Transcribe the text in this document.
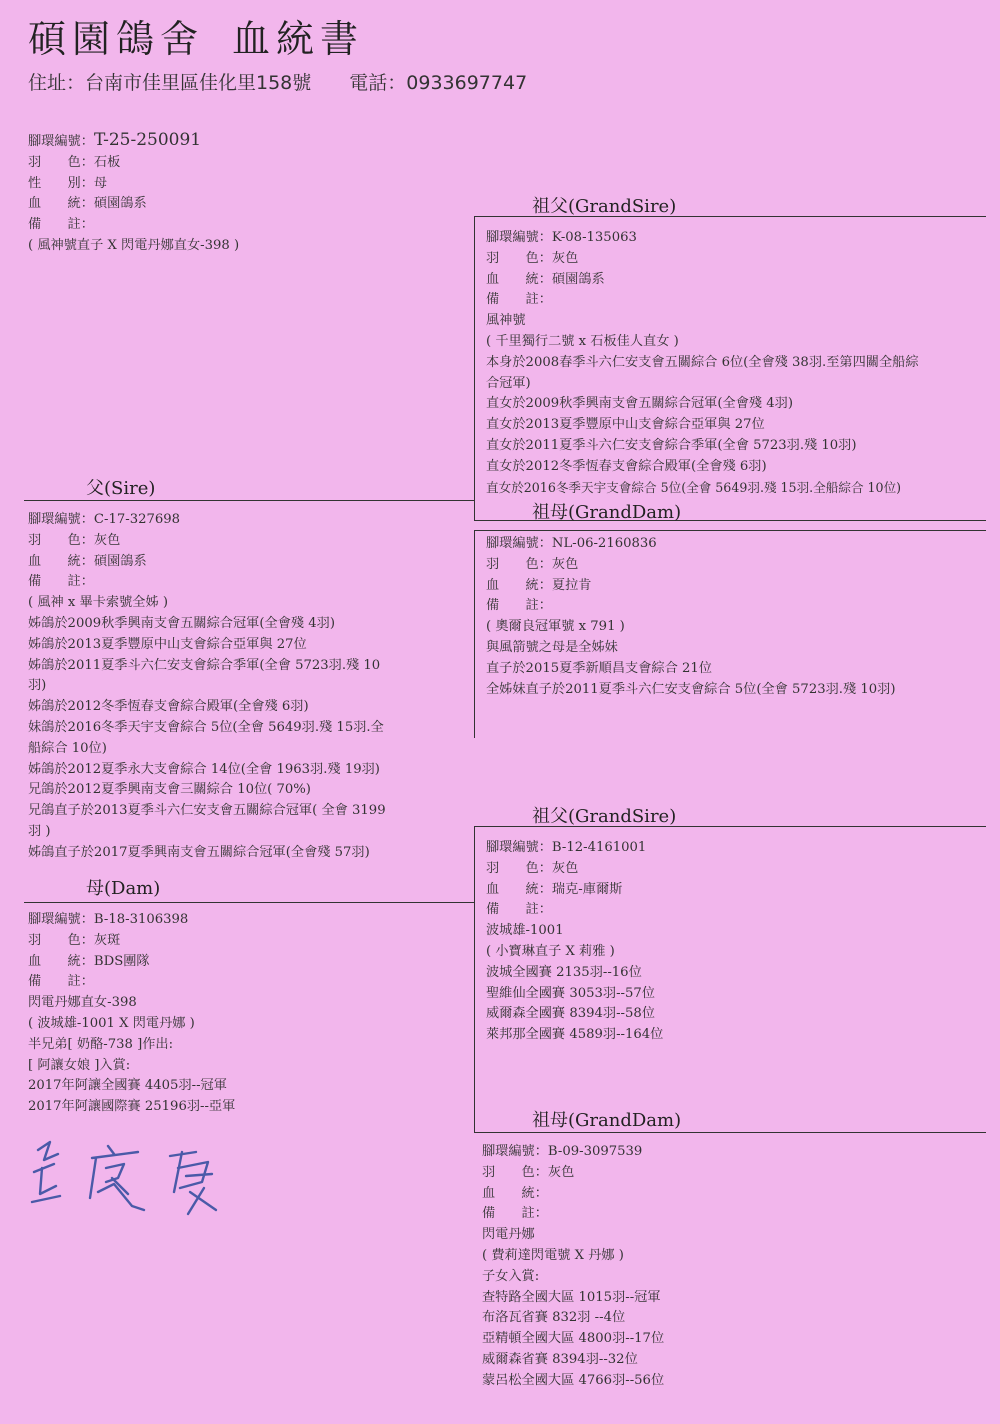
碩園鴿舍 血統書
住址：台南市佳里區佳化里158號 電話：0933697747
腳環編號：T-25-250091
羽　　色：石板
性　　別：母
血　　統：碩園鴿系
備　　註：
( 風神號直子 X 閃電丹娜直女-398 )
父(Sire)
腳環編號：C-17-327698
羽　　色：灰色
血　　統：碩園鴿系
備　　註：
( 風神 x 畢卡索號全姊 )
姊鴿於2009秋季興南支會五關綜合冠軍(全會殘 4羽)
姊鴿於2013夏季豐原中山支會綜合亞軍與 27位
姊鴿於2011夏季斗六仁安支會綜合季軍(全會 5723羽.殘 10
羽)
姊鴿於2012冬季恆春支會綜合殿軍(全會殘 6羽)
妹鴿於2016冬季天宇支會綜合 5位(全會 5649羽.殘 15羽.全
船綜合 10位)
姊鴿於2012夏季永大支會綜合 14位(全會 1963羽.殘 19羽)
兄鴿於2012夏季興南支會三關綜合 10位( 70%)
兄鴿直子於2013夏季斗六仁安支會五關綜合冠軍( 全會 3199
羽 )
姊鴿直子於2017夏季興南支會五關綜合冠軍(全會殘 57羽)
母(Dam)
腳環編號：B-18-3106398
羽　　色：灰斑
血　　統：BDS團隊
備　　註：
閃電丹娜直女-398
( 波城雄-1001 X 閃電丹娜 )
半兄弟[ 奶酪-738 ]作出:
[ 阿讓女娘 ]入賞:
2017年阿讓全國賽 4405羽--冠軍
2017年阿讓國際賽 25196羽--亞軍
祖父(GrandSire)
腳環編號：K-08-135063
羽　　色：灰色
血　　統：碩園鴿系
備　　註：
風神號
( 千里獨行二號 x 石板佳人直女 )
本身於2008春季斗六仁安支會五關綜合 6位(全會殘 38羽.至第四關全船綜
合冠軍)
直女於2009秋季興南支會五關綜合冠軍(全會殘 4羽)
直女於2013夏季豐原中山支會綜合亞軍與 27位
直女於2011夏季斗六仁安支會綜合季軍(全會 5723羽.殘 10羽)
直女於2012冬季恆春支會綜合殿軍(全會殘 6羽)
直女於2016冬季天宇支會綜合 5位(全會 5649羽.殘 15羽.全船綜合 10位)
祖母(GrandDam)
腳環編號：NL-06-2160836
羽　　色：灰色
血　　統：夏拉肯
備　　註：
( 奧爾良冠軍號 x 791 )
與風箭號之母是全姊妹
直子於2015夏季新順昌支會綜合 21位
全姊妹直子於2011夏季斗六仁安支會綜合 5位(全會 5723羽.殘 10羽)
祖父(GrandSire)
腳環編號：B-12-4161001
羽　　色：灰色
血　　統：瑞克-庫爾斯
備　　註：
波城雄-1001
( 小寶琳直子 X 莉雅 )
波城全國賽 2135羽--16位
聖維仙全國賽 3053羽--57位
威爾森全國賽 8394羽--58位
萊邦那全國賽 4589羽--164位
祖母(GrandDam)
腳環編號：B-09-3097539
羽　　色：灰色
血　　統：
備　　註：
閃電丹娜
( 費莉達閃電號 X 丹娜 )
子女入賞:
查特路全國大區 1015羽--冠軍
布洛瓦省賽 832羽 --4位
亞精頓全國大區 4800羽--17位
威爾森省賽 8394羽--32位
蒙呂松全國大區 4766羽--56位
